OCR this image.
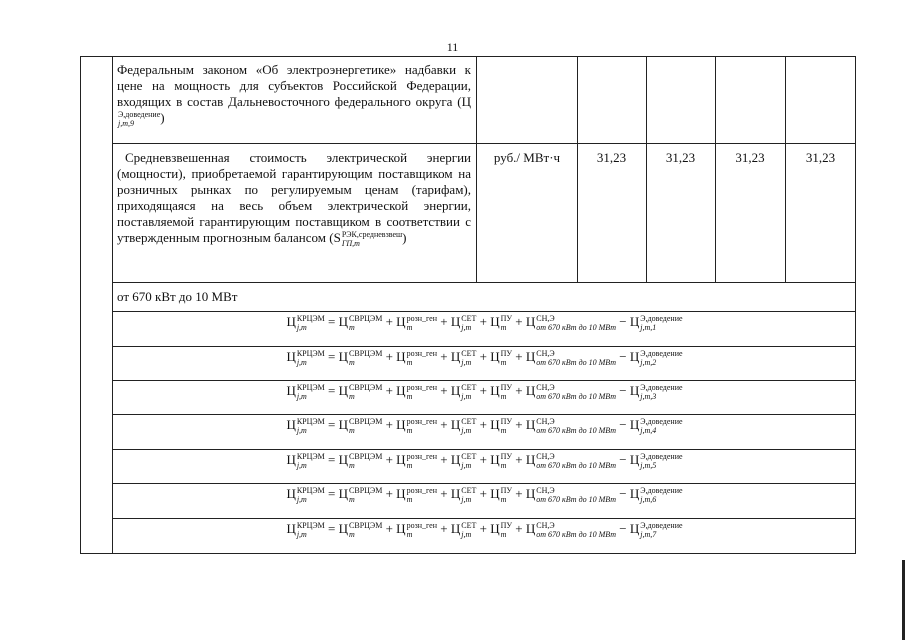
11
Федеральным законом «Об электроэнергетике» надбавки к цене на мощность для субъектов Российской Федерации, входящих в состав Дальневосточного федерального округа (Ц
Э,доведение
j,m,9	)
Средневзвешенная стоимость электрической энергии (мощности), приобретаемой гарантирующим поставщиком на розничных рынках по регулируемым ценам (тарифам), приходящаяся на весь объем электрической энергии, поставляемой гарантирующим поставщиком в соответствии с утвержденным прогнозным балансом (S РЭК,средневзвеш
ГП,m	)
руб./ МВт·ч	31,23	31,23	31,23	31,23
от 670 кВт до 10 МВт
Ц КРЦЭМ
j,m	= Ц СВРЦЭМ
m	+ Ц розн_ген
m	+ Ц СЕТ
j,m + Ц ПУ
m + Ц СН,Э
от 670 кВт до 10 МВт − Ц Э,доведение
j,m,1
Ц КРЦЭМ
j,m	= Ц СВРЦЭМ
m	+ Ц розн_ген
m	+ Ц СЕТ
j,m + Ц ПУ
m + Ц СН,Э
от 670 кВт до 10 МВт − Ц Э,доведение
j,m,2
Ц КРЦЭМ
j,m	= Ц СВРЦЭМ
m	+ Ц розн_ген
m	+ Ц СЕТ
j,m + Ц ПУ
m + Ц СН,Э
от 670 кВт до 10 МВт − Ц Э,доведение
j,m,3
Ц КРЦЭМ
j,m	= Ц СВРЦЭМ
m	+ Ц розн_ген
m	+ Ц СЕТ
j,m + Ц ПУ
m + Ц СН,Э
от 670 кВт до 10 МВт − Ц Э,доведение
j,m,4
Ц КРЦЭМ
j,m	= Ц СВРЦЭМ
m	+ Ц розн_ген
m	+ Ц СЕТ
j,m + Ц ПУ
m + Ц СН,Э
от 670 кВт до 10 МВт − Ц Э,доведение
j,m,5
Ц КРЦЭМ
j,m	= Ц СВРЦЭМ
m	+ Ц розн_ген
m	+ Ц СЕТ
j,m + Ц ПУ
m + Ц СН,Э
от 670 кВт до 10 МВт − Ц Э,доведение
j,m,6
Ц КРЦЭМ
j,m	= Ц СВРЦЭМ
m	+ Ц розн_ген
m	+ Ц СЕТ
j,m + Ц ПУ
m + Ц СН,Э
от 670 кВт до 10 МВт − Ц Э,доведение
j,m,7
